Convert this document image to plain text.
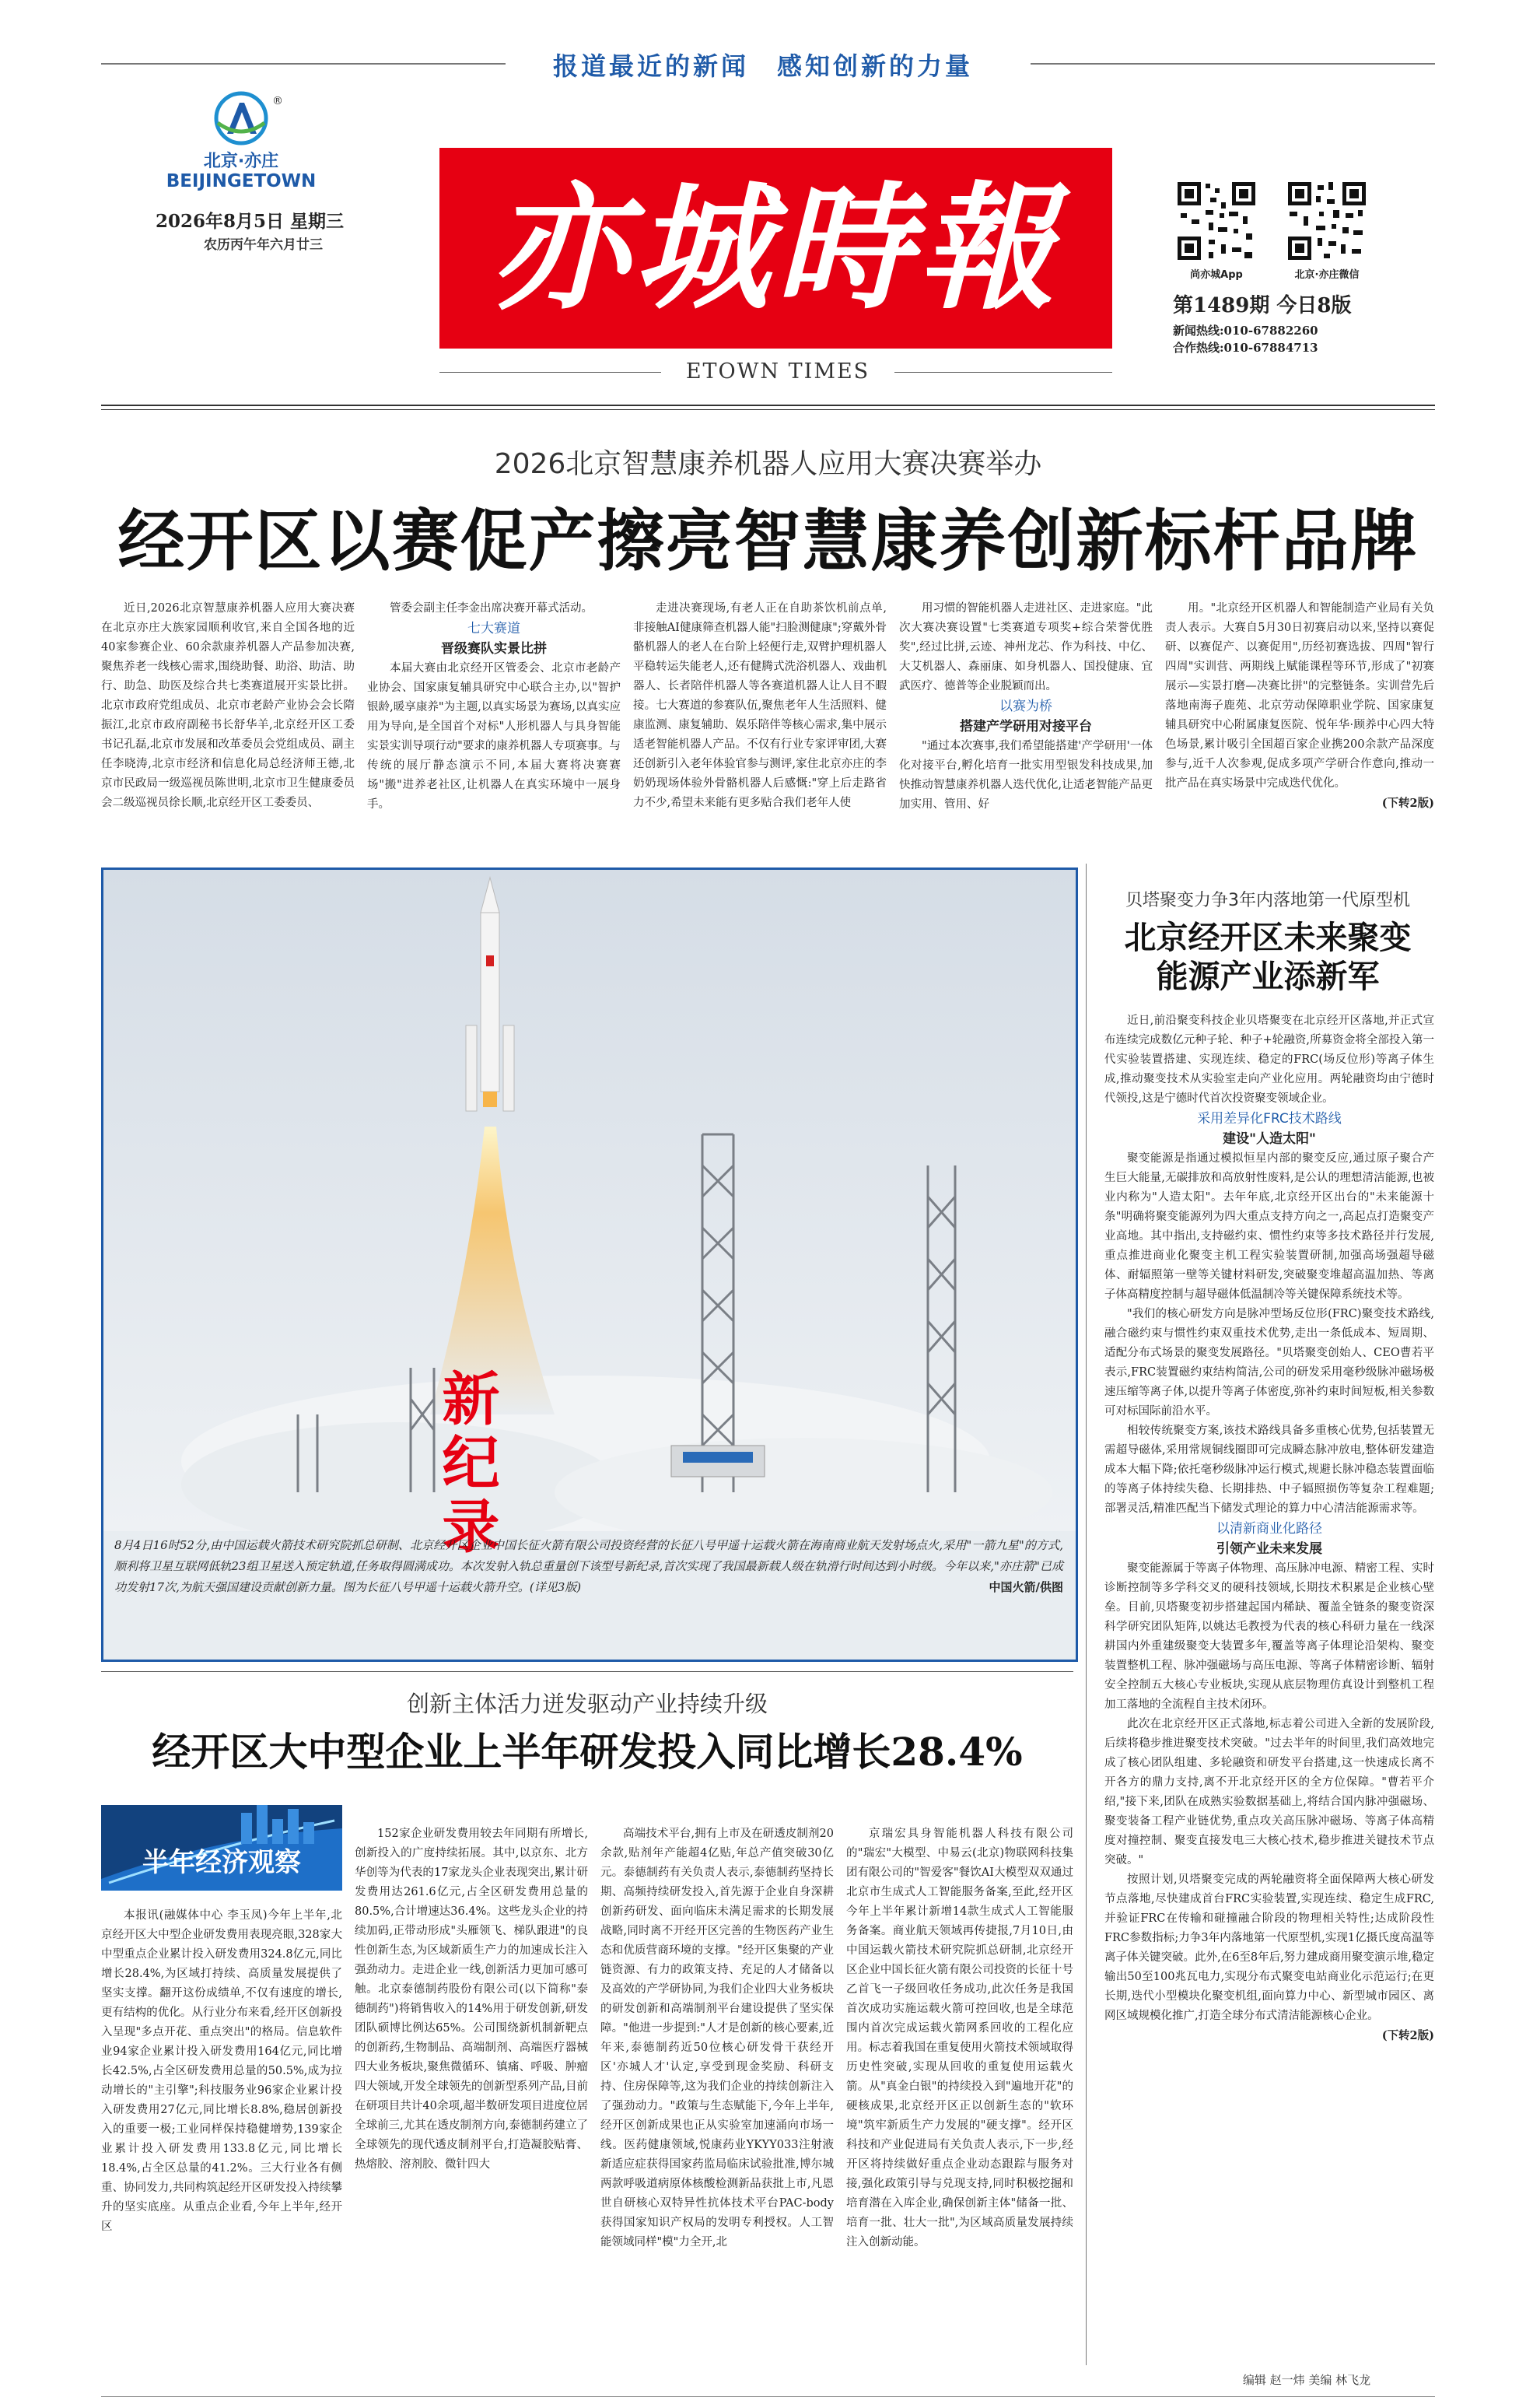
报道最近的新闻　感知创新的力量
®
北京·亦庄
BEIJINGETOWN
2026年8月5日 星期三
农历丙午年六月廿三	亦城時報
ETOWN TIMES
尚亦城App	北京·亦庄微信
第1489期 今日8版
新闻热线:010-67882260
合作热线:010-67884713
2026北京智慧康养机器人应用大赛决赛举办
经开区以赛促产擦亮智慧康养创新标杆品牌

近日,2026北京智慧康养机器人应用大赛决赛在北京亦庄大族家园顺利收官,来自全国各地的近40家参赛企业、60余款康养机器人产品参加决赛,聚焦养老一线核心需求,围绕助餐、助浴、助洁、助行、助急、助医及综合共七类赛道展开实景比拼。北京市政府党组成员、北京市老龄产业协会会长隋振江,北京市政府副秘书长舒华羊,北京经开区工委书记孔磊,北京市发展和改革委员会党组成员、副主任李晓涛,北京市经济和信息化局总经济师王德,北京市民政局一级巡视员陈世明,北京市卫生健康委员会二级巡视员徐长顺,北京经开区工委委员、

管委会副主任李金出席决赛开幕式活动。

七大赛道
晋级赛队实景比拼

本届大赛由北京经开区管委会、北京市老龄产业协会、国家康复辅具研究中心联合主办,以"智护银龄,暖享康养"为主题,以真实场景为赛场,以真实应用为导向,是全国首个对标"人形机器人与具身智能实景实训导项行动"要求的康养机器人专项赛事。与传统的展厅静态演示不同,本届大赛将决赛赛场"搬"进养老社区,让机器人在真实环境中一展身手。

走进决赛现场,有老人正在自助茶饮机前点单,非接触AI健康筛查机器人能"扫脸测健康";穿戴外骨骼机器人的老人在台阶上轻便行走,双臂护理机器人平稳转运失能老人,还有健腾式洗浴机器人、戏曲机器人、长者陪伴机器人等各赛道机器人让人目不暇接。七大赛道的参赛队伍,聚焦老年人生活照料、健康监测、康复辅助、娱乐陪伴等核心需求,集中展示适老智能机器人产品。不仅有行业专家评审团,大赛还创新引入老年体验官参与测评,家住北京亦庄的李奶奶现场体验外骨骼机器人后感慨:"穿上后走路省力不少,希望未来能有更多贴合我们老年人使

用习惯的智能机器人走进社区、走进家庭。"此次大赛决赛设置"七类赛道专项奖+综合荣誉优胜奖",经过比拼,云迹、神州龙芯、作为科技、中亿、大艾机器人、森丽康、如身机器人、国投健康、宜武医疗、德普等企业脱颖而出。

以赛为桥
搭建产学研用对接平台

"通过本次赛事,我们希望能搭建'产学研用'一体化对接平台,孵化培育一批实用型银发科技成果,加快推动智慧康养机器人迭代优化,让适老智能产品更加实用、管用、好

用。"北京经开区机器人和智能制造产业局有关负责人表示。大赛自5月30日初赛启动以来,坚持以赛促研、以赛促产、以赛促用",历经初赛选拔、四周"智行四周"实训营、两期线上赋能课程等环节,形成了"初赛展示—实景打磨—决赛比拼"的完整链条。实训营先后落地南海子鹿苑、北京劳动保障职业学院、国家康复辅具研究中心附属康复医院、悦年华·顾养中心四大特色场景,累计吸引全国超百家企业携200余款产品深度参与,近千人次参观,促成多项产学研合作意向,推动一批产品在真实场景中完成迭代优化。

(下转2版)
新纪录
8月4日16时52分,由中国运载火箭技术研究院抓总研制、北京经开区企业中国长征火箭有限公司投资经营的长征八号甲遥十运载火箭在海南商业航天发射场点火,采用"一箭九星"的方式,顺利将卫星互联网低轨23组卫星送入预定轨道,任务取得圆满成功。本次发射入轨总重量创下该型号新纪录,首次实现了我国最新载人级在轨滑行时间达到小时级。今年以来,"亦庄箭"已成功发射17次,为航天强国建设贡献创新力量。图为长征八号甲遥十运载火箭升空。(详见3版)	中国火箭/供图
贝塔聚变力争3年内落地第一代原型机
北京经开区未来聚变
能源产业添新军

近日,前沿聚变科技企业贝塔聚变在北京经开区落地,并正式宣布连续完成数亿元种子轮、种子+轮融资,所募资金将全部投入第一代实验装置搭建、实现连续、稳定的FRC(场反位形)等离子体生成,推动聚变技术从实验室走向产业化应用。两轮融资均由宁德时代领投,这是宁德时代首次投资聚变领域企业。

采用差异化FRC技术路线
建设"人造太阳"

聚变能源是指通过模拟恒星内部的聚变反应,通过原子聚合产生巨大能量,无碳排放和高放射性废料,是公认的理想清洁能源,也被业内称为"人造太阳"。去年年底,北京经开区出台的"未来能源十条"明确将聚变能源列为四大重点支持方向之一,高起点打造聚变产业高地。其中指出,支持磁约束、惯性约束等多技术路径并行发展,重点推进商业化聚变主机工程实验装置研制,加强高场强超导磁体、耐辐照第一壁等关键材料研发,突破聚变堆超高温加热、等离子体高精度控制与超导磁体低温制冷等关键保障系统技术等。

"我们的核心研发方向是脉冲型场反位形(FRC)聚变技术路线,融合磁约束与惯性约束双重技术优势,走出一条低成本、短周期、适配分布式场景的聚变发展路径。"贝塔聚变创始人、CEO曹若平表示,FRC装置磁约束结构简洁,公司的研发采用毫秒级脉冲磁场极速压缩等离子体,以提升等离子体密度,弥补约束时间短板,相关参数可对标国际前沿水平。

相较传统聚变方案,该技术路线具备多重核心优势,包括装置无需超导磁体,采用常规铜线圈即可完成瞬态脉冲放电,整体研发建造成本大幅下降;依托毫秒级脉冲运行模式,规避长脉冲稳态装置面临的等离子体持续失稳、长期排热、中子辐照损伤等复杂工程难题;部署灵活,精准匹配当下储发式理论的算力中心清洁能源需求等。

以清新商业化路径
引领产业未来发展

聚变能源属于等离子体物理、高压脉冲电源、精密工程、实时诊断控制等多学科交叉的硬科技领域,长期技术积累是企业核心壁垒。目前,贝塔聚变初步搭建起国内稀缺、覆盖全链条的聚变资深科学研究团队矩阵,以姚达毛教授为代表的核心科研力量在一线深耕国内外重建级聚变大装置多年,覆盖等离子体理论沿架构、聚变装置整机工程、脉冲强磁场与高压电源、等离子体精密诊断、辐射安全控制五大核心专业板块,实现从底层物理仿真设计到整机工程加工落地的全流程自主技术闭环。

此次在北京经开区正式落地,标志着公司进入全新的发展阶段,后续将稳步推进聚变技术突破。"过去半年的时间里,我们高效地完成了核心团队组建、多轮融资和研发平台搭建,这一快速成长离不开各方的鼎力支持,离不开北京经开区的全方位保障。"曹若平介绍,"接下来,团队在成熟实验数据基础上,将结合国内脉冲强磁场、聚变装备工程产业链优势,重点攻关高压脉冲磁场、等离子体高精度对撞控制、聚变直接发电三大核心技术,稳步推进关键技术节点突破。"

按照计划,贝塔聚变完成的两轮融资将全面保障两大核心研发节点落地,尽快建成首台FRC实验装置,实现连续、稳定生成FRC,并验证FRC在传输和碰撞融合阶段的物理相关特性;达成阶段性FRC参数指标;力争3年内落地第一代原型机,实现1亿摄氏度高温等离子体关键突破。此外,在6至8年后,努力建成商用聚变演示堆,稳定输出50至100兆瓦电力,实现分布式聚变电站商业化示范运行;在更长期,迭代小型模块化聚变机组,面向算力中心、新型城市园区、离网区域规模化推广,打造全球分布式清洁能源核心企业。

(下转2版)
编辑 赵一炜 美编 林飞龙
创新主体活力迸发驱动产业持续升级
经开区大中型企业上半年研发投入同比增长28.4%
半年经济观察

本报讯(融媒体中心 李玉凤)今年上半年,北京经开区大中型企业研发费用表现亮眼,328家大中型重点企业累计投入研发费用324.8亿元,同比增长28.4%,为区域打持续、高质量发展提供了坚实支撑。翻开这份成绩单,不仅有速度的增长,更有结构的优化。从行业分布来看,经开区创新投入呈现"多点开花、重点突出"的格局。信息软件业94家企业累计投入研发费用164亿元,同比增长42.5%,占全区研发费用总量的50.5%,成为拉动增长的"主引擎";科技服务业96家企业累计投入研发费用27亿元,同比增长8.8%,稳居创新投入的重要一极;工业同样保持稳健增势,139家企业累计投入研发费用133.8亿元,同比增长18.4%,占全区总量的41.2%。三大行业各有侧重、协同发力,共同构筑起经开区研发投入持续攀升的坚实底座。从重点企业看,今年上半年,经开区

152家企业研发费用较去年同期有所增长,创新投入的广度持续拓展。其中,以京东、北方华创等为代表的17家龙头企业表现突出,累计研发费用达261.6亿元,占全区研发费用总量的80.5%,合计增速达36.4%。这些龙头企业的持续加码,正带动形成"头雁领飞、梯队跟进"的良性创新生态,为区域新质生产力的加速成长注入强劲动力。走进企业一线,创新活力更加可感可触。北京泰德制药股份有限公司(以下简称"泰德制药")将销售收入的14%用于研发创新,研发团队硕博比例达65%。公司围绕新机制新靶点的创新药,生物制品、高端制剂、高端医疗器械四大业务板块,聚焦微循环、镇痛、呼吸、肿瘤四大领域,开发全球领先的创新型系列产品,目前在研项目共计40余项,超半数研发项目进度位居全球前三,尤其在透皮制剂方向,泰德制药建立了全球领先的现代透皮制剂平台,打造凝胶贴膏、热熔胶、溶剂胶、微针四大

高端技术平台,拥有上市及在研透皮制剂20余款,贴剂年产能超4亿贴,年总产值突破30亿元。泰德制药有关负责人表示,泰德制药坚持长期、高频持续研发投入,首先源于企业自身深耕创新药研发、面向临床未满足需求的长期发展战略,同时离不开经开区完善的生物医药产业生态和优质营商环境的支撑。"经开区集聚的产业链资源、有力的政策支持、充足的人才储备以及高效的产学研协同,为我们企业四大业务板块的研发创新和高端制剂平台建设提供了坚实保障。"他进一步提到:"人才是创新的核心要素,近年来,泰德制药近50位核心研发骨干获经开区'亦城人才'认定,享受到现金奖励、科研支持、住房保障等,这为我们企业的持续创新注入了强劲动力。"政策与生态赋能下,今年上半年,经开区创新成果也正从实验室加速涌向市场一线。医药健康领域,悦康药业YKYY033注射液新适应症获得国家药监局临床试验批准,博尔城两款呼吸道病原体核酸检测新品获批上市,凡恩世自研核心双特异性抗体技术平台PAC-body获得国家知识产权局的发明专利授权。人工智能领域同样"模"力全开,北

京瑞宏具身智能机器人科技有限公司的"瑞宏"大模型、中易云(北京)物联网科技集团有限公司的"智爱客"餐饮AI大模型双双通过北京市生成式人工智能服务备案,至此,经开区今年上半年累计新增14款生成式人工智能服务备案。商业航天领域再传捷报,7月10日,由中国运载火箭技术研究院抓总研制,北京经开区企业中国长征火箭有限公司投资的长征十号乙首飞一子级回收任务成功,此次任务是我国首次成功实施运载火箭可控回收,也是全球范围内首次完成运载火箭网系回收的工程化应用。标志着我国在重复使用火箭技术领域取得历史性突破,实现从回收的重复使用运载火箭。从"真金白银"的持续投入到"遍地开花"的硬核成果,北京经开区正以创新生态的"软环境"筑牢新质生产力发展的"硬支撑"。经开区科技和产业促进局有关负责人表示,下一步,经开区将持续做好重点企业动态跟踪与服务对接,强化政策引导与兑现支持,同时积极挖掘和培育潜在入库企业,确保创新主体"储备一批、培育一批、壮大一批",为区域高质量发展持续注入创新动能。
